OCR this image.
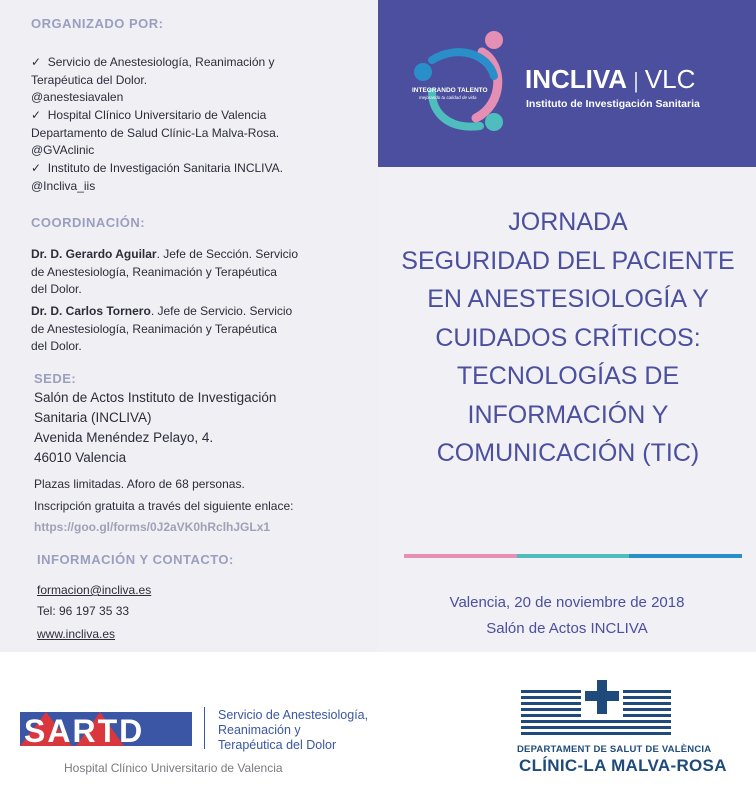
ORGANIZADO POR:
✓ Servicio de Anestesiología, Reanimación y
Terapéutica del Dolor.
@anestesiavalen
✓ Hospital Clínico Universitario de Valencia
Departamento de Salud Clínic-La Malva-Rosa.
@GVAclinic
✓ Instituto de Investigación Sanitaria INCLIVA.
@Incliva_iis
COORDINACIÓN:
Dr. D. Gerardo Aguilar. Jefe de Sección. Servicio
de Anestesiología, Reanimación y Terapéutica
del Dolor.
Dr. D. Carlos Tornero. Jefe de Servicio. Servicio
de Anestesiología, Reanimación y Terapéutica
del Dolor.
SEDE:
Salón de Actos Instituto de Investigación
Sanitaria (INCLIVA)
Avenida Menéndez Pelayo, 4.
46010 Valencia
Plazas limitadas. Aforo de 68 personas.
Inscripción gratuita a través del siguiente enlace:
https://goo.gl/forms/0J2aVK0hRclhJGLx1
INFORMACIÓN Y CONTACTO:
formacion@incliva.es
Tel: 96 197 35 33
www.incliva.es
INTEGRANDO TALENTO
mejorando tu calidad de vida
INCLIVA | VLC
Instituto de Investigación Sanitaria
JORNADA
SEGURIDAD DEL PACIENTE
EN ANESTESIOLOGÍA Y
CUIDADOS CRÍTICOS:
TECNOLOGÍAS DE
INFORMACIÓN Y
COMUNICACIÓN (TIC)
Valencia, 20 de noviembre de 2018
Salón de Actos INCLIVA
SARTD	Servicio de Anestesiología,
Reanimación y
Terapéutica del Dolor
Hospital Clínico Universitario de Valencia
DEPARTAMENT DE SALUT DE VALÈNCIA
CLÍNIC-LA MALVA-ROSA
